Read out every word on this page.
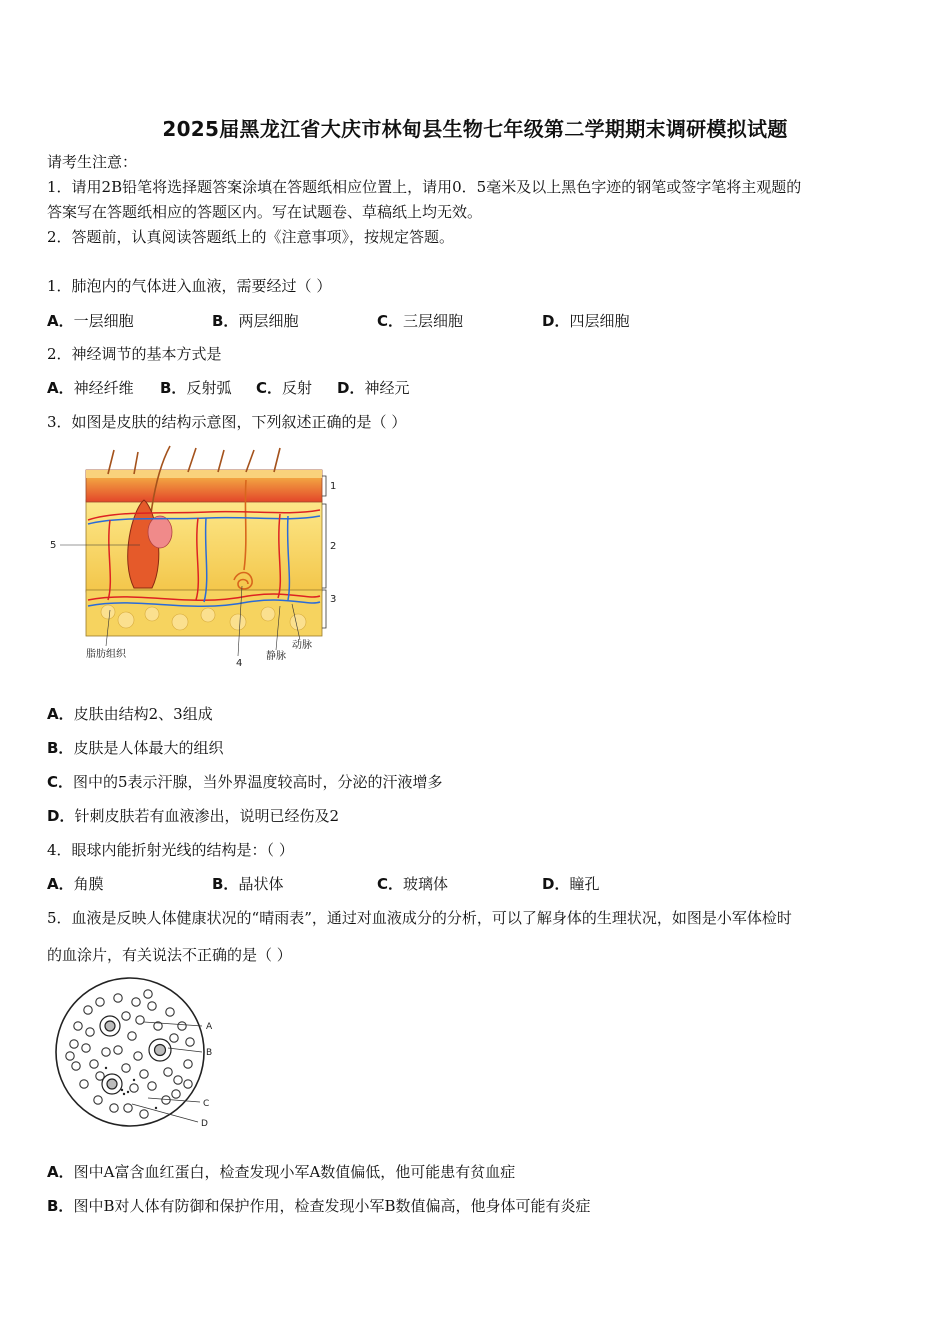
2025届黑龙江省大庆市林甸县生物七年级第二学期期末调研模拟试题
请考生注意：
1．请用2B铅笔将选择题答案涂填在答题纸相应位置上，请用0．5毫米及以上黑色字迹的钢笔或签字笔将主观题的
答案写在答题纸相应的答题区内。写在试题卷、草稿纸上均无效。
2．答题前，认真阅读答题纸上的《注意事项》，按规定答题。
1．肺泡内的气体进入血液，需要经过（ ）
A．一层细胞	B．两层细胞	C．三层细胞	D．四层细胞
2．神经调节的基本方式是
A．神经纤维 B．反射弧 C．反射 D．神经元
3．如图是皮肤的结构示意图，下列叙述正确的是（ ）
1
2
3
5
4
脂肪组织	静脉
动脉
A．皮肤由结构2、3组成
B．皮肤是人体最大的组织
C．图中的5表示汗腺，当外界温度较高时，分泌的汗液增多
D．针刺皮肤若有血液渗出，说明已经伤及2
4．眼球内能折射光线的结构是：（ ）
A．角膜	B．晶状体	C．玻璃体	D．瞳孔
5．血液是反映人体健康状况的“晴雨表”，通过对血液成分的分析，可以了解身体的生理状况，如图是小军体检时
的血涂片，有关说法不正确的是（ ）
A
B
C
D
A．图中A富含血红蛋白，检查发现小军A数值偏低，他可能患有贫血症
B．图中B对人体有防御和保护作用，检查发现小军B数值偏高，他身体可能有炎症
